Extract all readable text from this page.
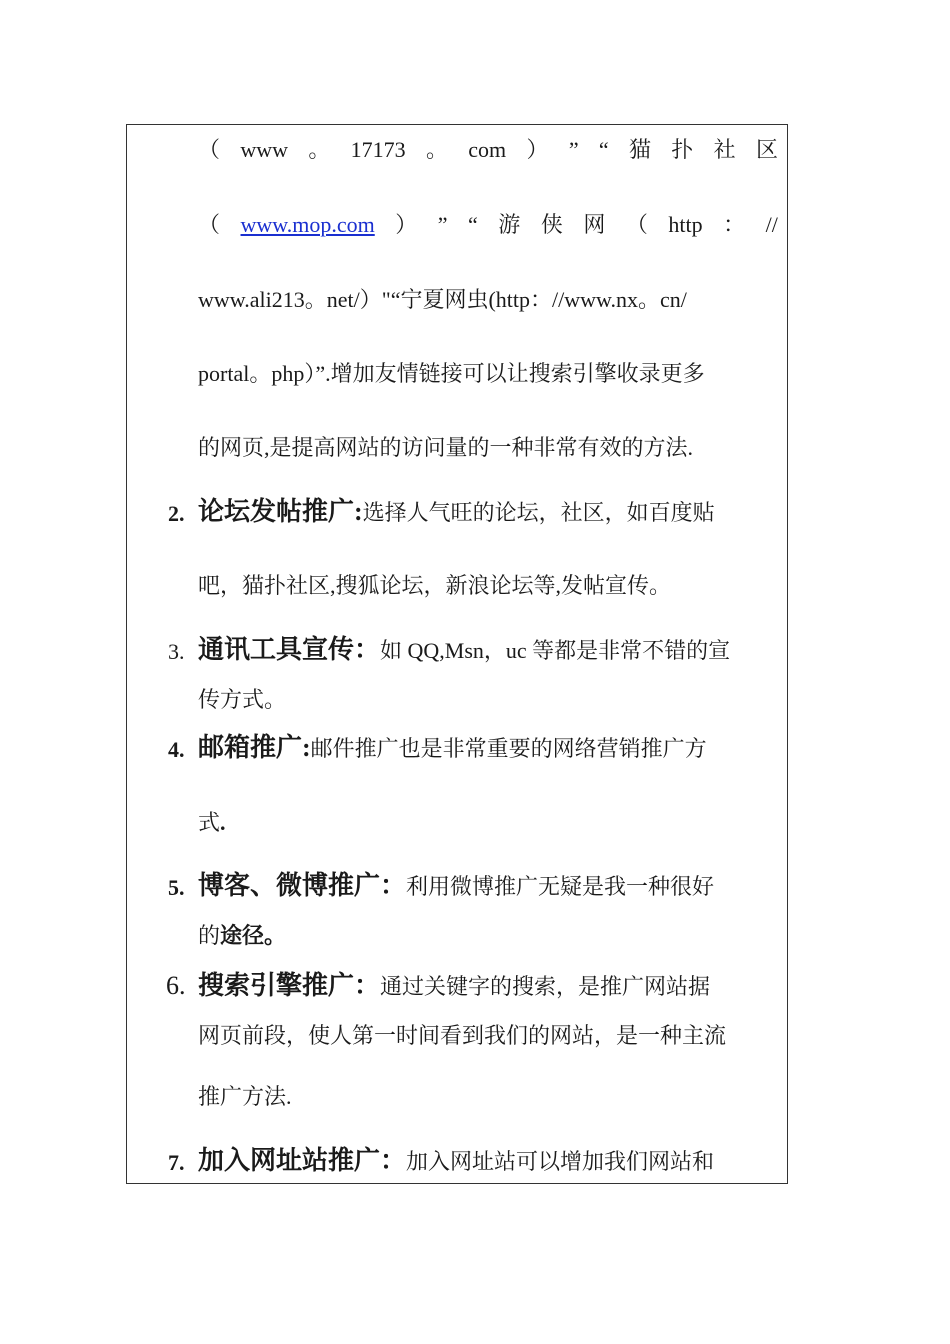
（ www 。 17173 。 com ） ” “ 猫 扑 社 区
（ www.mop.com ） ” “ 游 侠 网 （ http ： //
www.ali213。net/）"“宁夏网虫(http：//www.nx。cn/
portal。php）”.增加友情链接可以让搜索引擎收录更多
的网页,是提高网站的访问量的一种非常有效的方法.
2. 论坛发帖推广:选择人气旺的论坛，社区，如百度贴
吧，猫扑社区,搜狐论坛，新浪论坛等,发帖宣传。
3. 通讯工具宣传：如 QQ,Msn，uc 等都是非常不错的宣
传方式。
4. 邮箱推广:邮件推广也是非常重要的网络营销推广方
式.
5. 博客、微博推广：利用微博推广无疑是我一种很好
的途径。
6. 搜索引擎推广：通过关键字的搜索，是推广网站据
网页前段，使人第一时间看到我们的网站，是一种主流
推广方法.
7. 加入网址站推广：加入网址站可以增加我们网站和
